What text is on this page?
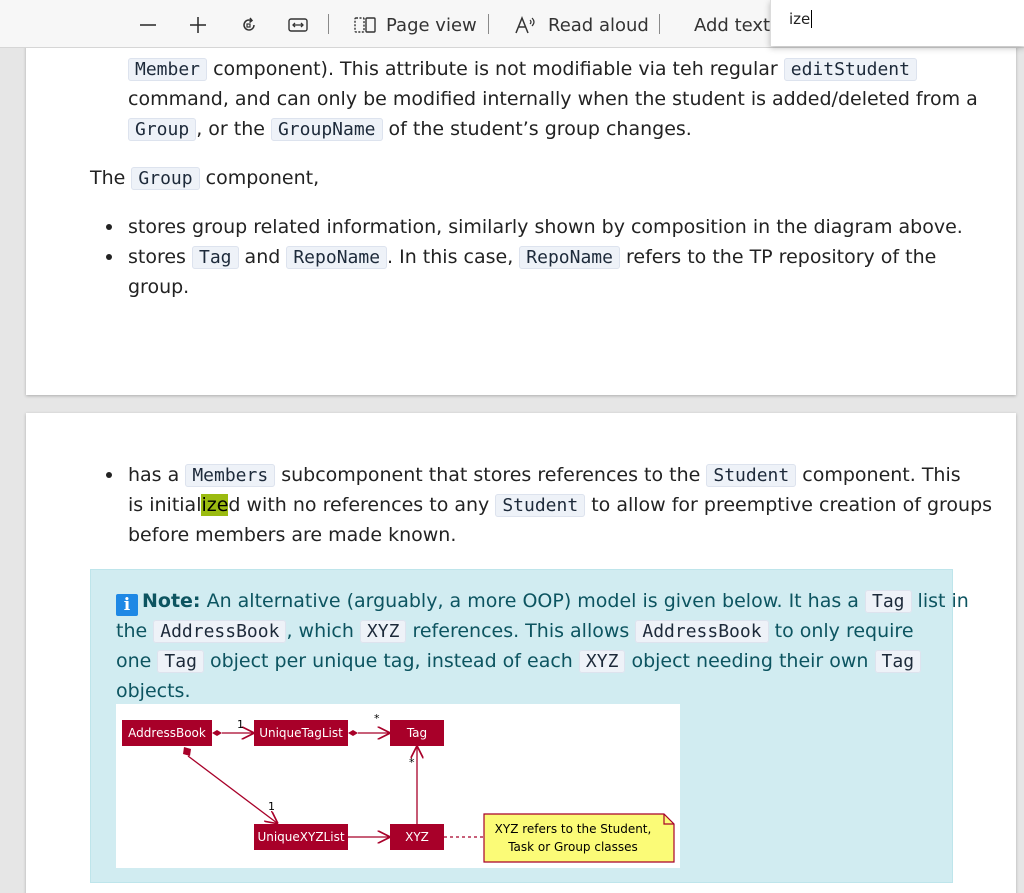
Page view	Read aloud	Add text
ize
Member component). This attribute is not modifiable via teh regular editStudent
command, and can only be modified internally when the student is added/deleted from a
Group , or the GroupName of the student’s group changes.
The Group component,
stores group related information, similarly shown by composition in the diagram above.
stores Tag and RepoName . In this case, RepoName refers to the TP repository of the
group.
has a Members subcomponent that stores references to the Student component. This
is initialized with no references to any Student to allow for preemptive creation of groups
before members are made known.
i Note: An alternative (arguably, a more OOP) model is given below. It has a Tag list in
the AddressBook , which XYZ references. This allows AddressBook to only require
one Tag object per unique tag, instead of each XYZ object needing their own Tag
objects.
AddressBook	UniqueTagList	Tag
UniqueXYZList	XYZ
1	*
1
*
XYZ refers to the Student,
Task or Group classes
